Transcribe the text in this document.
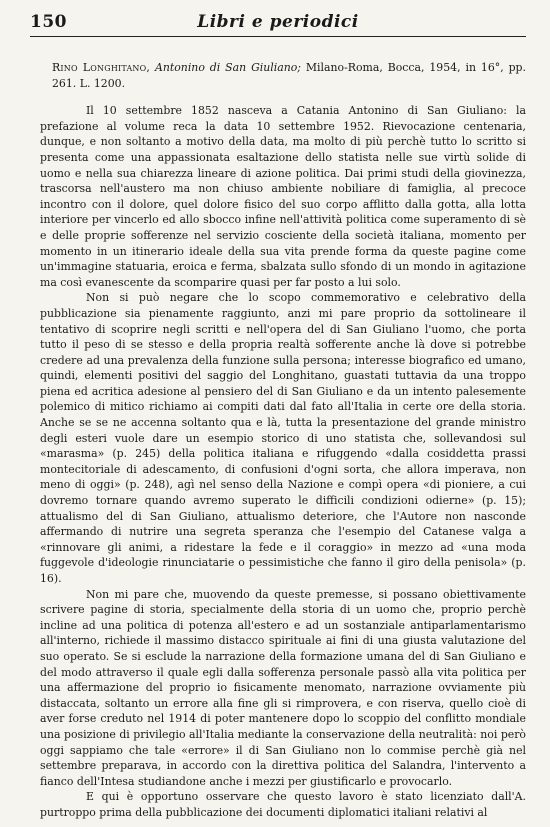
150	Libri e periodici

Rino Longhitano, Antonino di San Giuliano; Milano-Roma, Bocca, 1954, in 16°, pp. 261. L. 1200.

Il 10 settembre 1852 nasceva a Catania Antonino di San Giuliano: la prefazione al volume reca la data 10 settembre 1952. Rievocazione centenaria, dunque, e non soltanto a motivo della data, ma molto di più perchè tutto lo scritto si presenta come una appassionata esaltazione dello statista nelle sue virtù solide di uomo e nella sua chiarezza lineare di azione politica. Dai primi studi della giovinezza, trascorsa nell'austero ma non chiuso ambiente nobiliare di famiglia, al precoce incontro con il dolore, quel dolore fisico del suo corpo afflitto dalla gotta, alla lotta interiore per vincerlo ed allo sbocco infine nell'attività politica come superamento di sè e delle proprie sofferenze nel servizio cosciente della società italiana, momento per momento in un itinerario ideale della sua vita prende forma da queste pagine come un'immagine statuaria, eroica e ferma, sbalzata sullo sfondo di un mondo in agitazione ma così evanescente da scomparire quasi per far posto a lui solo.

Non si può negare che lo scopo commemorativo e celebrativo della pubblicazione sia pienamente raggiunto, anzi mi pare proprio da sottolineare il tentativo di scoprire negli scritti e nell'opera del di San Giuliano l'uomo, che porta tutto il peso di se stesso e della propria realtà sofferente anche là dove si potrebbe credere ad una prevalenza della funzione sulla persona; interesse biografico ed umano, quindi, elementi positivi del saggio del Longhitano, guastati tuttavia da una troppo piena ed acritica adesione al pensiero del di San Giuliano e da un intento palesemente polemico di mitico richiamo ai compiti dati dal fato all'Italia in certe ore della storia. Anche se se ne accenna soltanto qua e là, tutta la presentazione del grande ministro degli esteri vuole dare un esempio storico di uno statista che, sollevandosi sul «marasma» (p. 245) della politica italiana e rifuggendo «dalla cosiddetta prassi montecitoriale di adescamento, di confusioni d'ogni sorta, che allora imperava, non meno di oggi» (p. 248), agì nel senso della Nazione e compì opera «di pioniere, a cui dovremo tornare quando avremo superato le difficili condizioni odierne» (p. 15); attualismo del di San Giuliano, attualismo deteriore, che l'Autore non nasconde affermando di nutrire una segreta speranza che l'esempio del Catanese valga a «rinnovare gli animi, a ridestare la fede e il coraggio» in mezzo ad «una moda fuggevole d'ideologie rinunciatarie o pessimistiche che fanno il giro della penisola» (p. 16).

Non mi pare che, muovendo da queste premesse, si possano obiettivamente scrivere pagine di storia, specialmente della storia di un uomo che, proprio perchè incline ad una politica di potenza all'estero e ad un sostanziale antiparlamentarismo all'interno, richiede il massimo distacco spirituale ai fini di una giusta valutazione del suo operato. Se si esclude la narrazione della formazione umana del di San Giuliano e del modo attraverso il quale egli dalla sofferenza personale passò alla vita politica per una affermazione del proprio io fisicamente menomato, narrazione ovviamente più distaccata, soltanto un errore alla fine gli si rimprovera, e con riserva, quello cioè di aver forse creduto nel 1914 di poter mantenere dopo lo scoppio del conflitto mondiale una posizione di privilegio all'Italia mediante la conservazione della neutralità: noi però oggi sappiamo che tale «errore» il di San Giuliano non lo commise perchè già nel settembre preparava, in accordo con la direttiva politica del Salandra, l'intervento a fianco dell'Intesa studiandone anche i mezzi per giustificarlo e provocarlo.

E qui è opportuno osservare che questo lavoro è stato licenziato dall'A. purtroppo prima della pubblicazione dei documenti diplomatici italiani relativi al
